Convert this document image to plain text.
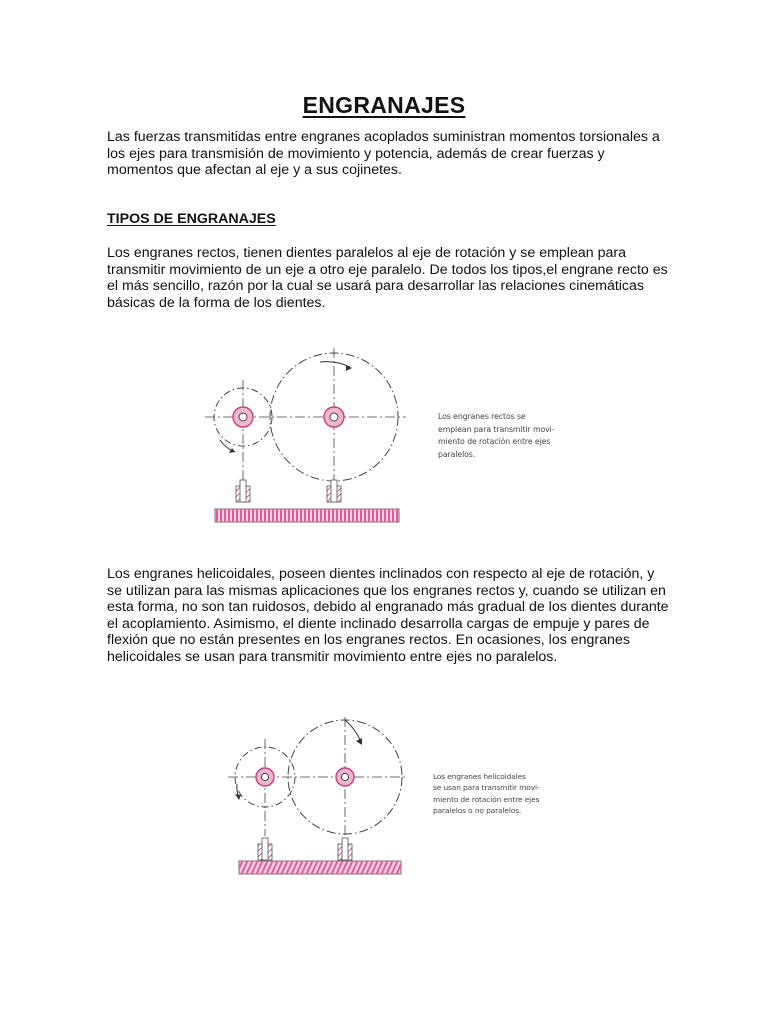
ENGRANAJES

Las fuerzas transmitidas entre engranes acoplados suministran momentos torsionales a los ejes para transmisión de movimiento y potencia, además de crear fuerzas y momentos que afectan al eje y a sus cojinetes.

TIPOS DE ENGRANAJES

Los engranes rectos, tienen dientes paralelos al eje de rotación y se emplean para transmitir movimiento de un eje a otro eje paralelo. De todos los tipos,el engrane recto es el más sencillo, razón por la cual se usará para desarrollar las relaciones cinemáticas básicas de la forma de los dientes.

Los engranes rectos se
emplean para transmitir movi-
miento de rotación entre ejes
paralelos.

Los engranes helicoidales, poseen dientes inclinados con respecto al eje de rotación, y se utilizan para las mismas aplicaciones que los engranes rectos y, cuando se utilizan en esta forma, no son tan ruidosos, debido al engranado más gradual de los dientes durante el acoplamiento. Asimismo, el diente inclinado desarrolla cargas de empuje y pares de flexión que no están presentes en los engranes rectos. En ocasiones, los engranes helicoidales se usan para transmitir movimiento entre ejes no paralelos.

Los engranes helicoidales
se usan para transmitir movi-
miento de rotación entre ejes
paralelos o no paralelos.
